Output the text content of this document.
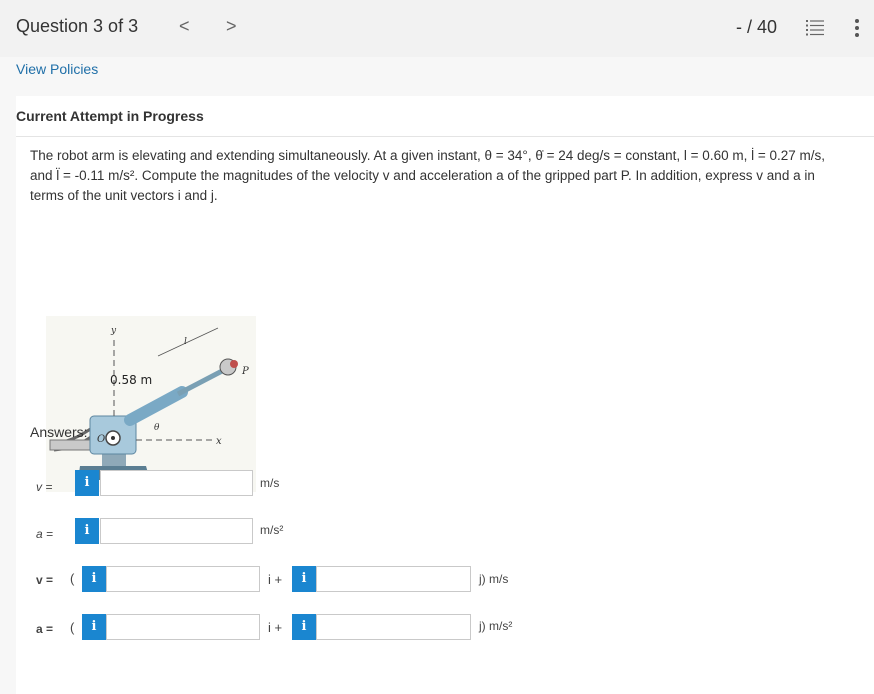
Question 3 of 3 < >	- / 40
View Policies
Current Attempt in Progress
The robot arm is elevating and extending simultaneously. At a given instant, θ = 34°, θ̇ = 24 deg/s = constant, l = 0.60 m, l̇ = 0.27 m/s,
and l̈ = -0.11 m/s². Compute the magnitudes of the velocity v and acceleration a of the gripped part P. In addition, express v and a in
terms of the unit vectors i and j.
O	x
y
P
l
θ
0.58 m
Answers:
v =	i	m/s
a =	i	m/s²
v = (	i	i +	i	j) m/s
a = (	i	i +	i	j) m/s²
